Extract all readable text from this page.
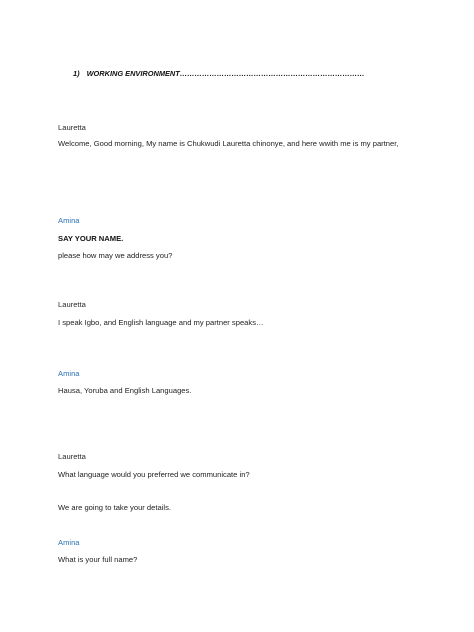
1) WORKING ENVIRONMENT…………………………………………………………………
Lauretta
Welcome, Good morning, My name is Chukwudi Lauretta chinonye, and here wwith me is my partner,
Amina
SAY YOUR NAME.
please how may we address you?
Lauretta
I speak Igbo, and English language and my partner speaks…
Amina
Hausa, Yoruba and English Languages.
Lauretta
What language would you preferred we communicate in?
We are going to take your details.
Amina
What is your full name?
